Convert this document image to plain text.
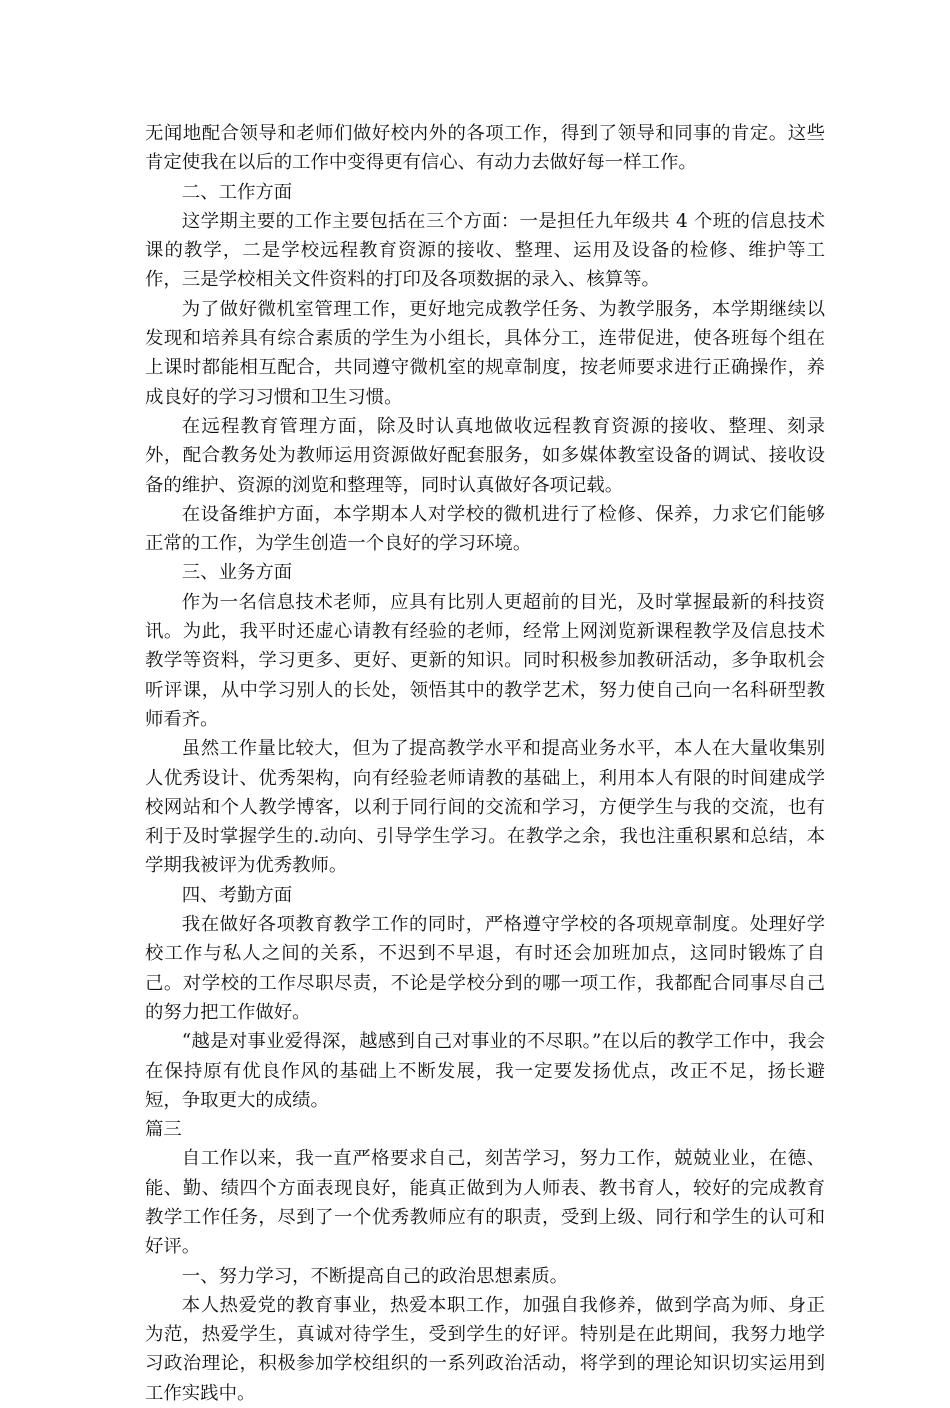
无闻地配合领导和老师们做好校内外的各项工作，得到了领导和同事的肯定。这些肯定使我在以后的工作中变得更有信心、有动力去做好每一样工作。

二、工作方面

这学期主要的工作主要包括在三个方面：一是担任九年级共 4 个班的信息技术课的教学，二是学校远程教育资源的接收、整理、运用及设备的检修、维护等工作，三是学校相关文件资料的打印及各项数据的录入、核算等。

为了做好微机室管理工作，更好地完成教学任务、为教学服务，本学期继续以发现和培养具有综合素质的学生为小组长，具体分工，连带促进，使各班每个组在上课时都能相互配合，共同遵守微机室的规章制度，按老师要求进行正确操作，养成良好的学习习惯和卫生习惯。

在远程教育管理方面，除及时认真地做收远程教育资源的接收、整理、刻录外，配合教务处为教师运用资源做好配套服务，如多媒体教室设备的调试、接收设备的维护、资源的浏览和整理等，同时认真做好各项记载。

在设备维护方面，本学期本人对学校的微机进行了检修、保养，力求它们能够正常的工作，为学生创造一个良好的学习环境。

三、业务方面

作为一名信息技术老师，应具有比别人更超前的目光，及时掌握最新的科技资讯。为此，我平时还虚心请教有经验的老师，经常上网浏览新课程教学及信息技术教学等资料，学习更多、更好、更新的知识。同时积极参加教研活动，多争取机会听评课，从中学习别人的长处，领悟其中的教学艺术，努力使自己向一名科研型教师看齐。

虽然工作量比较大，但为了提高教学水平和提高业务水平，本人在大量收集别人优秀设计、优秀架构，向有经验老师请教的基础上，利用本人有限的时间建成学校网站和个人教学博客，以利于同行间的交流和学习，方便学生与我的交流，也有利于及时掌握学生的.动向、引导学生学习。在教学之余，我也注重积累和总结，本学期我被评为优秀教师。

四、考勤方面

我在做好各项教育教学工作的同时，严格遵守学校的各项规章制度。处理好学校工作与私人之间的关系，不迟到不早退，有时还会加班加点，这同时锻炼了自己。对学校的工作尽职尽责，不论是学校分到的哪一项工作，我都配合同事尽自己的努力把工作做好。

“越是对事业爱得深，越感到自己对事业的不尽职。”在以后的教学工作中，我会在保持原有优良作风的基础上不断发展，我一定要发扬优点，改正不足，扬长避短，争取更大的成绩。

篇三

自工作以来，我一直严格要求自己，刻苦学习，努力工作，兢兢业业，在德、能、勤、绩四个方面表现良好，能真正做到为人师表、教书育人，较好的完成教育教学工作任务，尽到了一个优秀教师应有的职责，受到上级、同行和学生的认可和好评。

一、努力学习，不断提高自己的政治思想素质。

本人热爱党的教育事业，热爱本职工作，加强自我修养，做到学高为师、身正为范，热爱学生，真诚对待学生，受到学生的好评。特别是在此期间，我努力地学习政治理论，积极参加学校组织的一系列政治活动，将学到的理论知识切实运用到工作实践中。
